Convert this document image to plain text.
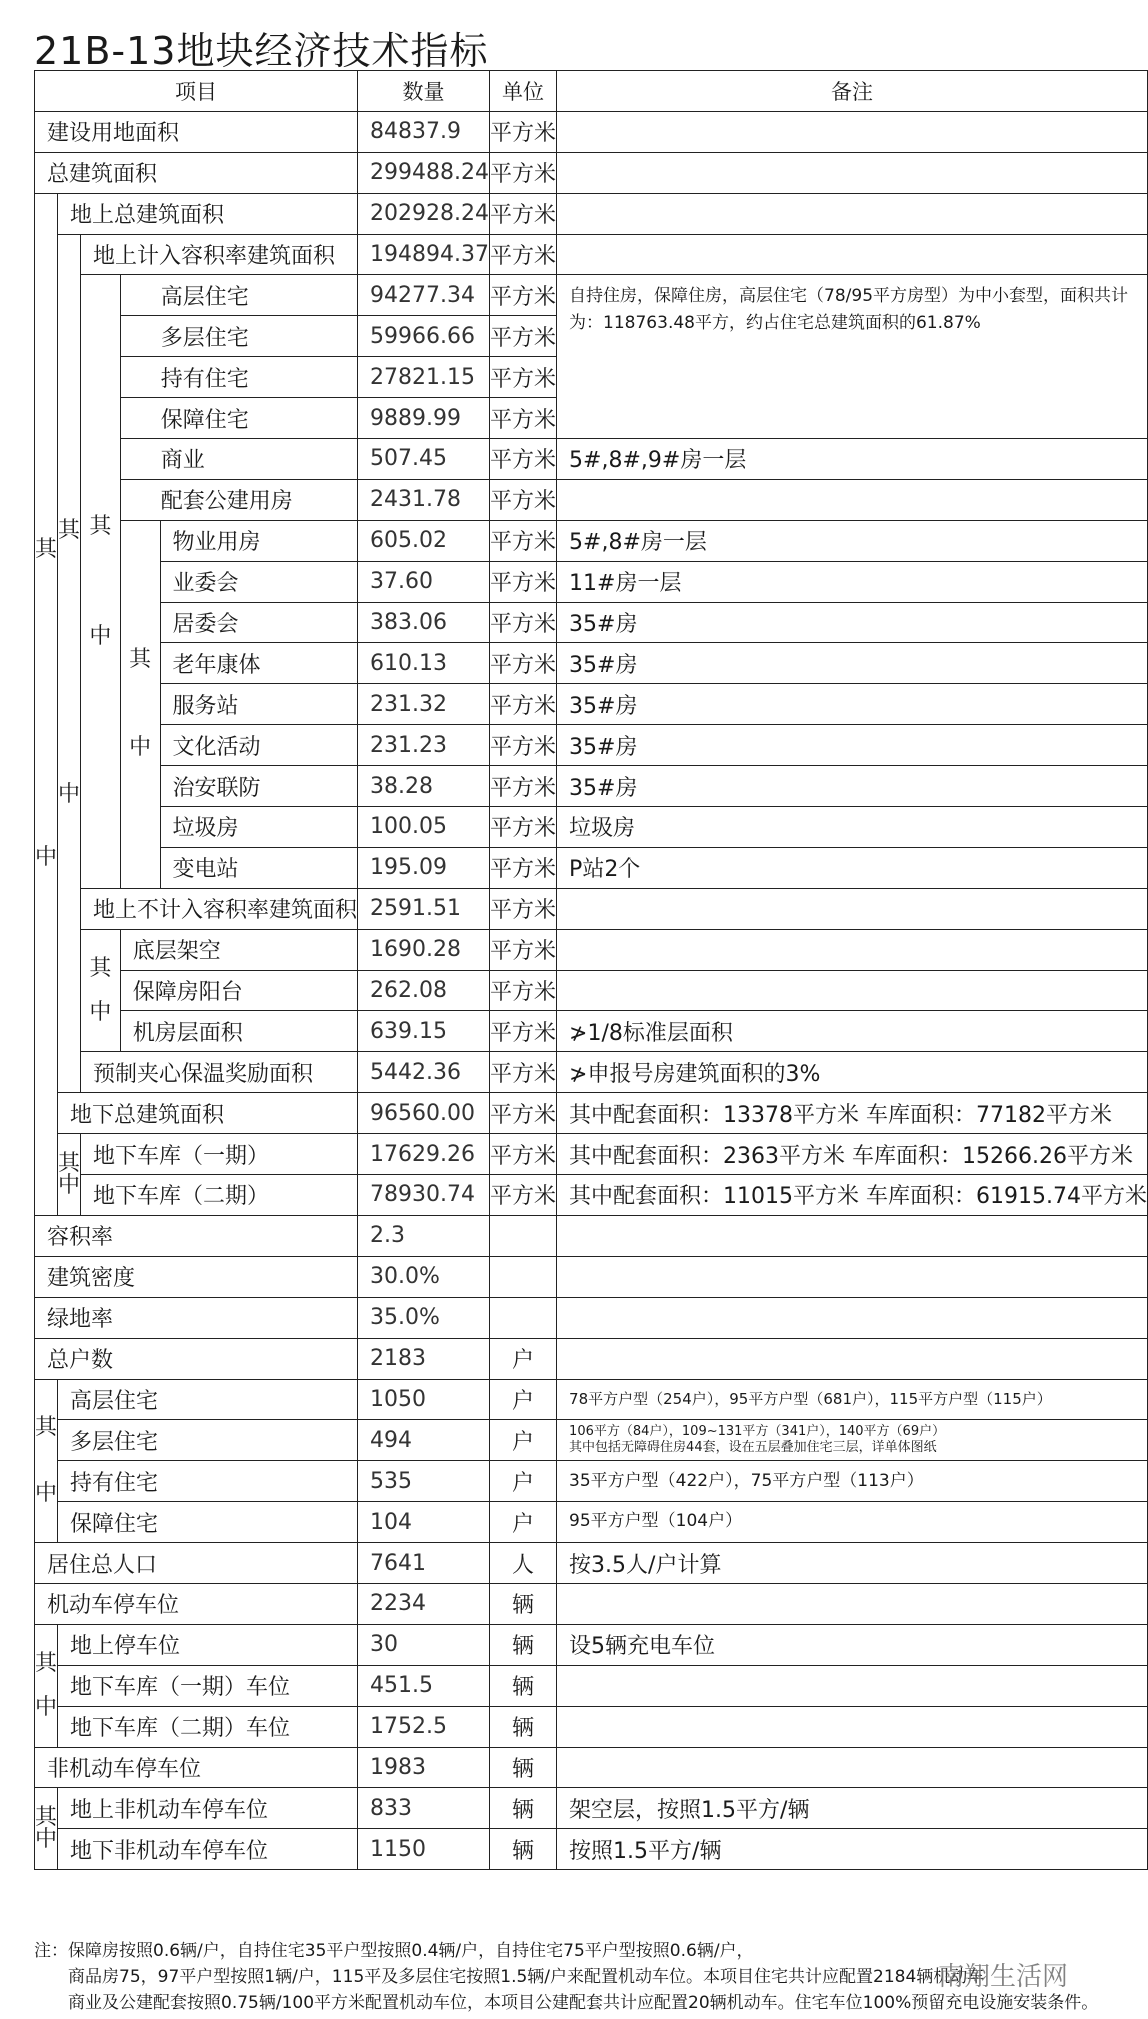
21B-13地块经济技术指标
项目					数量	单位	备注
建设用地面积					84837.9	平方米	
总建筑面积					299488.24	平方米	
其

中	地上总建筑面积				202928.24	平方米	
	其

中	地上计入容积率建筑面积			194894.37	平方米	
		其

中	高层住宅		94277.34	平方米	自持住房，保障住房，高层住宅（78/95平方房型）为中小套型，面积共计为：118763.48平方，约占住宅总建筑面积的61.87%
			多层住宅		59966.66	平方米	
			持有住宅		27821.15	平方米	
			保障住宅		9889.99	平方米	
			商业		507.45	平方米	5#,8#,9#房一层
			配套公建用房		2431.78	平方米	
			其

中	物业用房	605.02	平方米	5#,8#房一层
				业委会	37.60	平方米	11#房一层
				居委会	383.06	平方米	35#房
				老年康体	610.13	平方米	35#房
				服务站	231.32	平方米	35#房
				文化活动	231.23	平方米	35#房
				治安联防	38.28	平方米	35#房
				垃圾房	100.05	平方米	垃圾房
				变电站	195.09	平方米	P站2个
		地上不计入容积率建筑面积			2591.51	平方米	
		其

中	底层架空		1690.28	平方米	
			保障房阳台		262.08	平方米	
			机房层面积		639.15	平方米	≯1/8标准层面积
		预制夹心保温奖励面积			5442.36	平方米	≯申报号房建筑面积的3%
	地下总建筑面积				96560.00	平方米	其中配套面积：13378平方米 车库面积：77182平方米
	其
中	地下车库（一期）			17629.26	平方米	其中配套面积：2363平方米 车库面积：15266.26平方米
		地下车库（二期）			78930.74	平方米	其中配套面积：11015平方米 车库面积：61915.74平方米
容积率					2.3		
建筑密度					30.0%		
绿地率					35.0%		
总户数					2183	户	
其

中	高层住宅				1050	户	78平方户型（254户），95平方户型（681户），115平方户型（115户）
	多层住宅				494	户	106平方（84户），109~131平方（341户），140平方（69户）
其中包括无障碍住房44套，设在五层叠加住宅三层，详单体图纸
	持有住宅				535	户	35平方户型（422户），75平方户型（113户）
	保障住宅				104	户	95平方户型（104户）
居住总人口					7641	人	按3.5人/户计算
机动车停车位					2234	辆	
其

中	地上停车位				30	辆	设5辆充电车位
	地下车库（一期）车位				451.5	辆	
	地下车库（二期）车位				1752.5	辆	
非机动车停车位					1983	辆	
其
中	地上非机动车停车位				833	辆	架空层，按照1.5平方/辆
	地下非机动车停车位				1150	辆	按照1.5平方/辆
注：保障房按照0.6辆/户，自持住宅35平户型按照0.4辆/户，自持住宅75平户型按照0.6辆/户，
商品房75，97平户型按照1辆/户，115平及多层住宅按照1.5辆/户来配置机动车位。本项目住宅共计应配置2184辆机动车
商业及公建配套按照0.75辆/100平方米配置机动车位，本项目公建配套共计应配置20辆机动车。住宅车位100%预留充电设施安装条件。
南翔生活网
